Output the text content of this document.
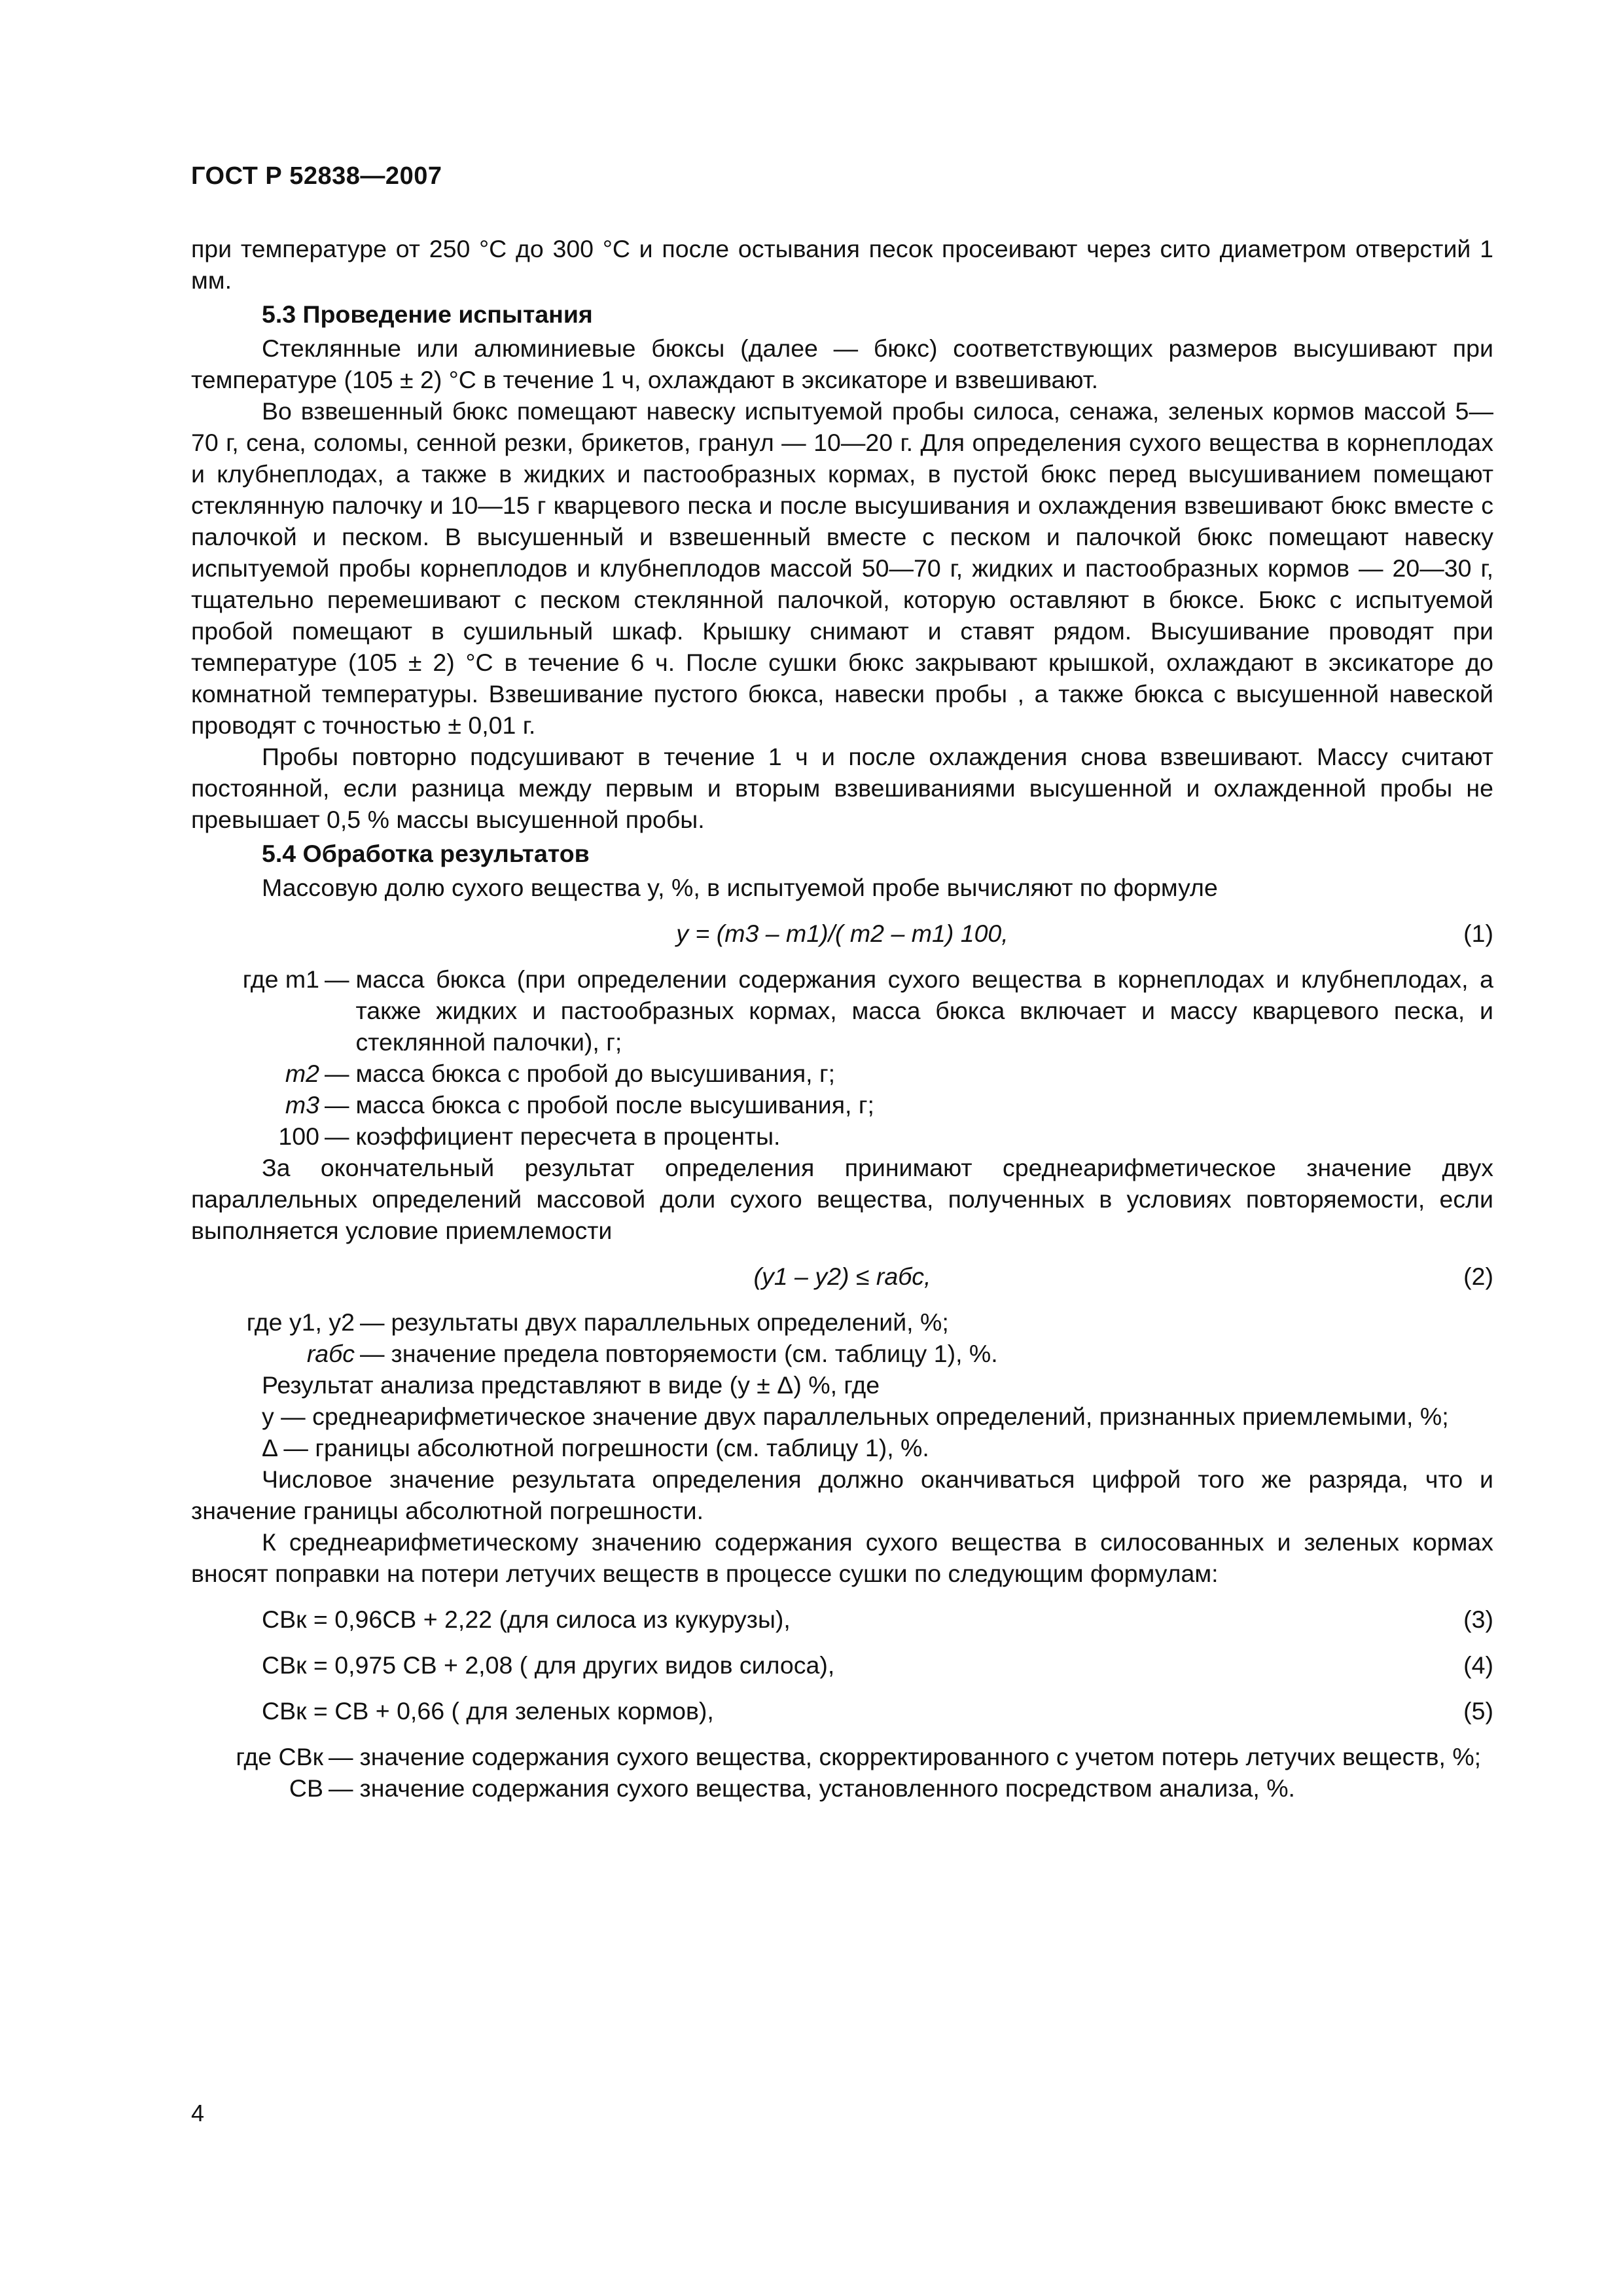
ГОСТ Р 52838—2007

при температуре от 250 °С до 300 °С и после остывания песок просеивают через сито диаметром отверстий 1 мм.

5.3 Проведение испытания

Стеклянные или алюминиевые бюксы (далее — бюкс) соответствующих размеров высушивают при температуре (105 ± 2) °С в течение 1 ч, охлаждают в эксикаторе и взвешивают.

Во взвешенный бюкс помещают навеску испытуемой пробы силоса, сенажа, зеленых кормов массой 5—70 г, сена, соломы, сенной резки, брикетов, гранул — 10—20 г. Для определения сухого вещества в корнеплодах и клубнеплодах, а также в жидких и пастообразных кормах, в пустой бюкс перед высушиванием помещают стеклянную палочку и 10—15 г кварцевого песка и после высушивания и охлаждения взвешивают бюкс вместе с палочкой и песком. В высушенный и взвешенный вместе с песком и палочкой бюкс помещают навеску испытуемой пробы корнеплодов и клубнеплодов массой 50—70 г, жидких и пастообразных кормов — 20—30 г, тщательно перемешивают с песком стеклянной палочкой, которую оставляют в бюксе. Бюкс с испытуемой пробой помещают в сушильный шкаф. Крышку снимают и ставят рядом. Высушивание проводят при температуре (105 ± 2) °С в течение 6 ч. После сушки бюкс закрывают крышкой, охлаждают в эксикаторе до комнатной температуры. Взвешивание пустого бюкса, навески пробы , а также бюкса с высушенной навеской проводят с точностью ± 0,01 г.

Пробы повторно подсушивают в течение 1 ч и после охлаждения снова взвешивают. Массу считают постоянной, если разница между первым и вторым взвешиваниями высушенной и охлажденной пробы не превышает 0,5 % массы высушенной пробы.

5.4 Обработка результатов

Массовую долю сухого вещества y, %, в испытуемой пробе вычисляют по формуле

y = (m3 – m1)/( m2 – m1) 100,	(1)
где m1 — масса бюкса (при определении содержания сухого вещества в корнеплодах и клубнеплодах, а также жидких и пастообразных кормах, масса бюкса включает и массу кварцевого песка, и стеклянной палочки), г;
m2 — масса бюкса с пробой до высушивания, г;
m3 — масса бюкса с пробой после высушивания, г;
100 — коэффициент пересчета в проценты.

За окончательный результат определения принимают среднеарифметическое значение двух параллельных определений массовой доли сухого вещества, полученных в условиях повторяемости, если выполняется условие приемлемости

(y1 – y2) ≤ rабс,	(2)
где y1, y2 — результаты двух параллельных определений, %;
rабс — значение предела повторяемости (см. таблицу 1), %.

Результат анализа представляют в виде (y ± Δ) %, где

y — среднеарифметическое значение двух параллельных определений, признанных приемлемыми, %;

Δ — границы абсолютной погрешности (см. таблицу 1), %.

Числовое значение результата определения должно оканчиваться цифрой того же разряда, что и значение границы абсолютной погрешности.

К среднеарифметическому значению содержания сухого вещества в силосованных и зеленых кормах вносят поправки на потери летучих веществ в процессе сушки по следующим формулам:

СВк = 0,96СВ + 2,22 (для силоса из кукурузы),	(3)
СВк = 0,975 СВ + 2,08 ( для других видов силоса),	(4)
СВк = СВ + 0,66 ( для зеленых кормов),	(5)
где СВк — значение содержания сухого вещества, скорректированного с учетом потерь летучих веществ, %;
СВ — значение содержания сухого вещества, установленного посредством анализа, %.
4
